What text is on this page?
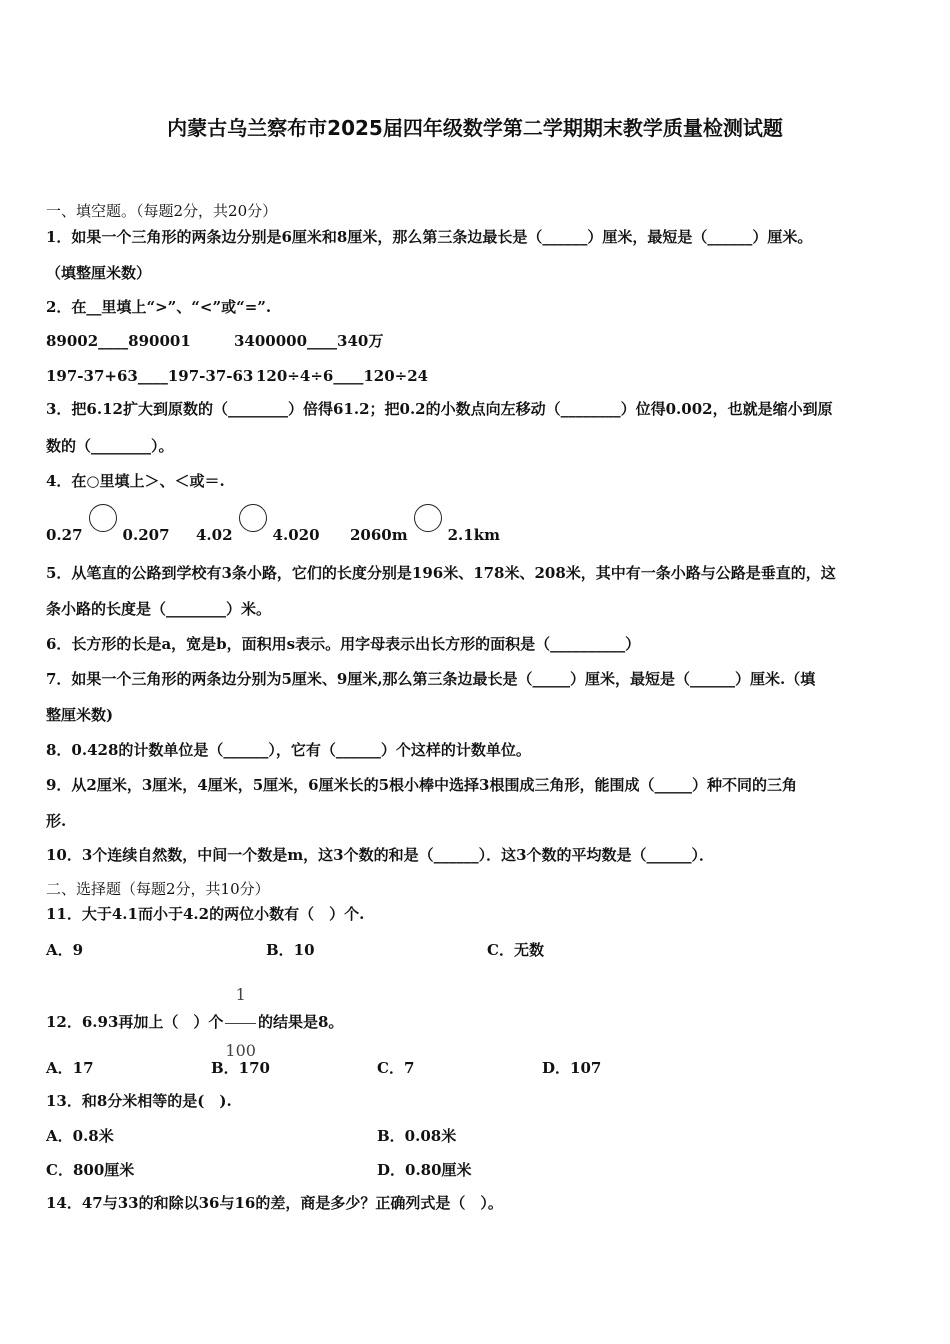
内蒙古乌兰察布市2025届四年级数学第二学期期末教学质量检测试题
一、填空题。（每题2分，共20分）
1．如果一个三角形的两条边分别是6厘米和8厘米，那么第三条边最长是（______）厘米，最短是（______）厘米。
（填整厘米数）
2．在__里填上“>”、“<”或“=”.
89002____890001	3400000____340万
197-37+63____197-37-63 120÷4÷6____120÷24
3．把6.12扩大到原数的（________）倍得61.2；把0.2的小数点向左移动（________）位得0.002，也就是缩小到原
数的（________）。
4．在○里填上＞、＜或＝.
0.27	0.207 4.02	4.020 2060m	2.1km
5．从笔直的公路到学校有3条小路，它们的长度分别是196米、178米、208米，其中有一条小路与公路是垂直的，这
条小路的长度是（________）米。
6．长方形的长是a，宽是b，面积用s表示。用字母表示出长方形的面积是（__________）
7．如果一个三角形的两条边分别为5厘米、9厘米,那么第三条边最长是（_____）厘米，最短是（______）厘米.（填
整厘米数)
8．0.428的计数单位是（______），它有（______）个这样的计数单位。
9．从2厘米，3厘米，4厘米，5厘米，6厘米长的5根小棒中选择3根围成三角形，能围成（_____）种不同的三角
形.
10．3个连续自然数，中间一个数是m，这3个数的和是（______）．这3个数的平均数是（______）．
二、选择题（每题2分，共10分）
11．大于4.1而小于4.2的两位小数有（　）个.
A．9	B．10	C．无数
12．6.93再加上（　）个 $\frac{1}{100}$ 的结果是8。
A．17	B．170	C．7	D．107
13．和8分米相等的是(　).
A．0.8米	B．0.08米
C．800厘米	D．0.80厘米
14．47与33的和除以36与16的差，商是多少？正确列式是（　）。
